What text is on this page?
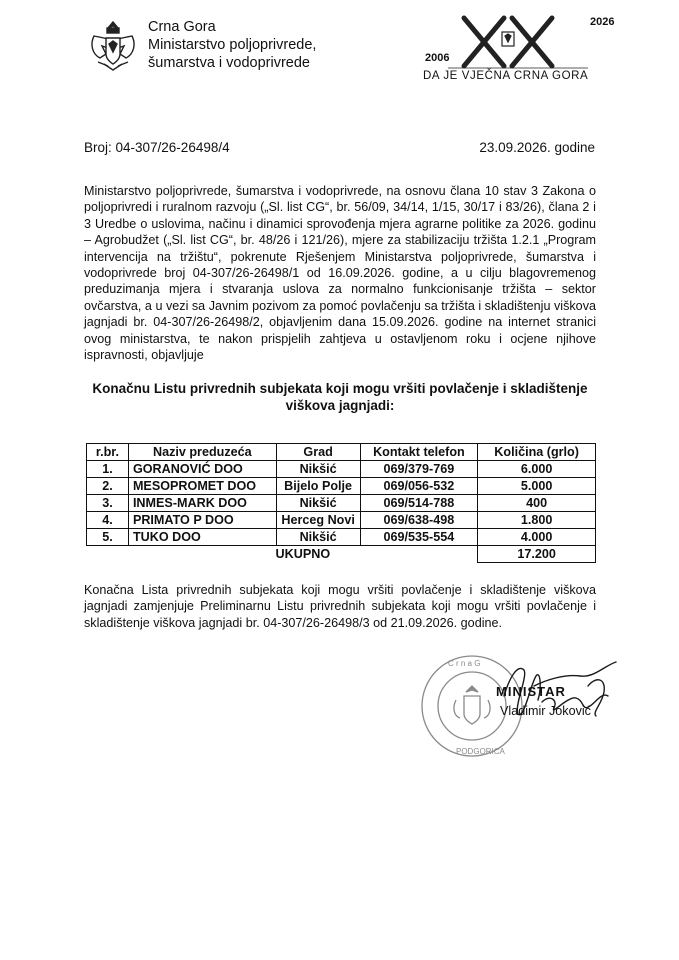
Crna Gora
Ministarstvo poljoprivrede,
šumarstva i vodoprivrede	2006
2026
DA JE VJEČNA CRNA GORA
Broj: 04-307/26-26498/4	23.09.2026. godine
Ministarstvo poljoprivrede, šumarstva i vodoprivrede, na osnovu člana 10 stav 3 Zakona o poljoprivredi i ruralnom razvoju („Sl. list CG“, br. 56/09, 34/14, 1/15, 30/17 i 83/26), člana 2 i 3 Uredbe o uslovima, načinu i dinamici sprovođenja mjera agrarne politike za 2026. godinu – Agrobudžet („Sl. list CG“, br. 48/26 i 121/26), mjere za stabilizaciju tržišta 1.2.1 „Program intervencija na tržištu“, pokrenute Rješenjem Ministarstva poljoprivrede, šumarstva i vodoprivrede broj 04-307/26-26498/1 od 16.09.2026. godine, a u cilju blagovremenog preduzimanja mjera i stvaranja uslova za normalno funkcionisanje tržišta – sektor ovčarstva, a u vezi sa Javnim pozivom za pomoć povlačenju sa tržišta i skladištenju viškova jagnjadi br. 04-307/26-26498/2, objavljenim dana 15.09.2026. godine na internet stranici ovog ministarstva, te nakon prispjelih zahtjeva u ostavljenom roku i ocjene njihove ispravnosti, objavljuje
Konačnu Listu privrednih subjekata koji mogu vršiti povlačenje i skladištenje viškova jagnjadi:
r.br.	Naziv preduzeća	Grad	Kontakt telefon	Količina (grlo)
1.	GORANOVIĆ DOO	Nikšić	069/379-769	6.000
2.	MESOPROMET DOO	Bijelo Polje	069/056-532	5.000
3.	INMES-MARK DOO	Nikšić	069/514-788	400
4.	PRIMATO P DOO	Herceg Novi	069/638-498	1.800
5.	TUKO DOO	Nikšić	069/535-554	4.000
	UKUPNO			17.200
Konačna Lista privrednih subjekata koji mogu vršiti povlačenje i skladištenje viškova jagnjadi zamjenjuje Preliminarnu Listu privrednih subjekata koji mogu vršiti povlačenje i skladištenje viškova jagnjadi br. 04-307/26-26498/3 od 21.09.2026. godine.
C r n a G
PODGORICA
MINISTAR
Vladimir Joković
